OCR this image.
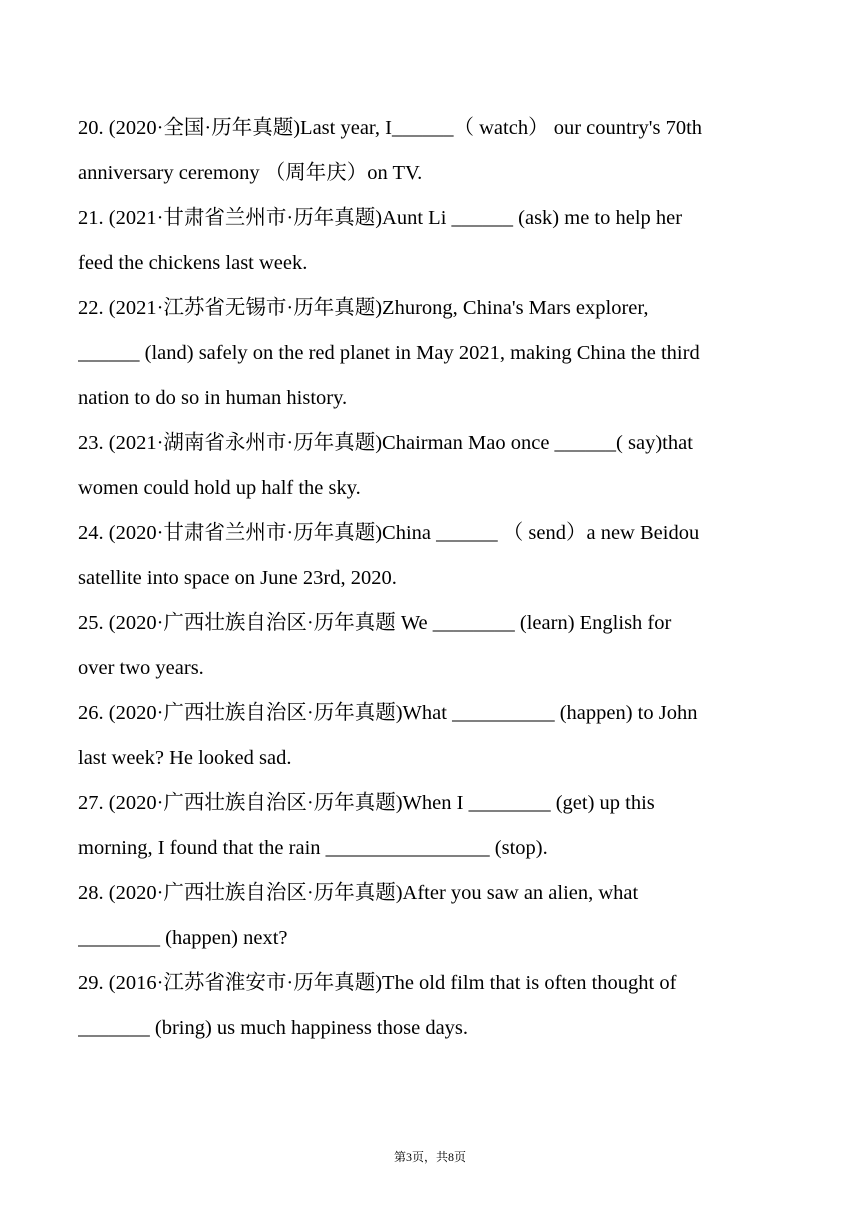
20. (2020·全国·历年真题)Last year, I______（ watch） our country's 70th
anniversary ceremony （周年庆）on TV.
21. (2021·甘肃省兰州市·历年真题)Aunt Li ______ (ask) me to help her
feed the chickens last week.
22. (2021·江苏省无锡市·历年真题)Zhurong, China's Mars explorer,
______ (land) safely on the red planet in May 2021, making China the third
nation to do so in human history.
23. (2021·湖南省永州市·历年真题)Chairman Mao once ______( say)that
women could hold up half the sky.
24. (2020·甘肃省兰州市·历年真题)China ______ （ send）a new Beidou
satellite into space on June 23rd, 2020.
25. (2020·广西壮族自治区·历年真题 We ________ (learn) English for
over two years.
26. (2020·广西壮族自治区·历年真题)What __________ (happen) to John
last week? He looked sad.
27. (2020·广西壮族自治区·历年真题)When I ________ (get) up this
morning, I found that the rain ________________ (stop).
28. (2020·广西壮族自治区·历年真题)After you saw an alien, what
________ (happen) next?
29. (2016·江苏省淮安市·历年真题)The old film that is often thought of
_______ (bring) us much happiness those days.
第3页，共8页
